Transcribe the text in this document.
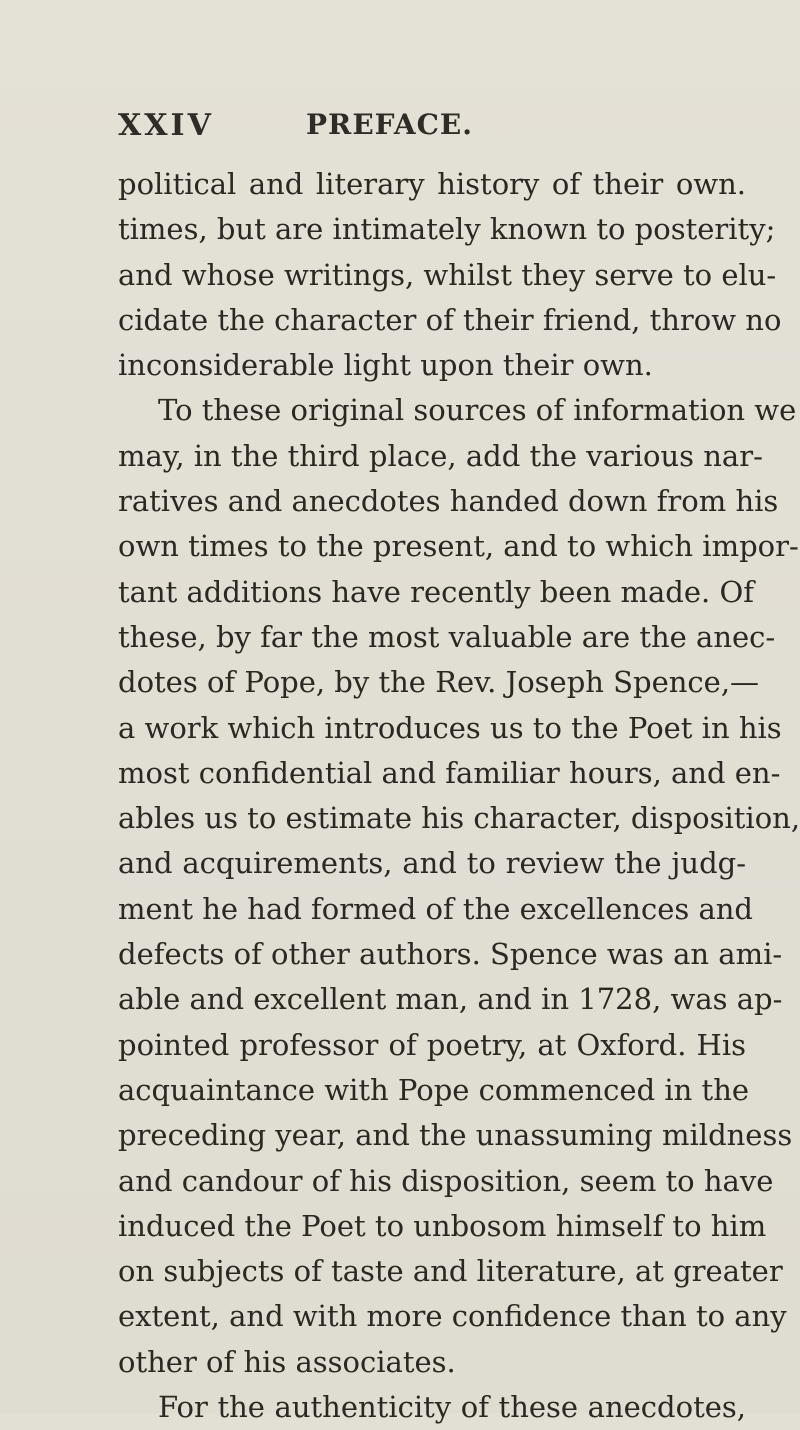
XXIV	PREFACE.
political and literary history of their own.
times, but are intimately known to posterity;
and whose writings, whilst they serve to elu-
cidate the character of their friend, throw no
inconsiderable light upon their own.
To these original sources of information we
may, in the third place, add the various nar-
ratives and anecdotes handed down from his
own times to the present, and to which impor-
tant additions have recently been made. Of
these, by far the most valuable are the anec-
dotes of Pope, by the Rev. Joseph Spence,—
a work which introduces us to the Poet in his
most confidential and familiar hours, and en-
ables us to estimate his character, disposition,
and acquirements, and to review the judg-
ment he had formed of the excellences and
defects of other authors. Spence was an ami-
able and excellent man, and in 1728, was ap-
pointed professor of poetry, at Oxford. His
acquaintance with Pope commenced in the
preceding year, and the unassuming mildness
and candour of his disposition, seem to have
induced the Poet to unbosom himself to him
on subjects of taste and literature, at greater
extent, and with more confidence than to any
other of his associates.
For the authenticity of these anecdotes,
